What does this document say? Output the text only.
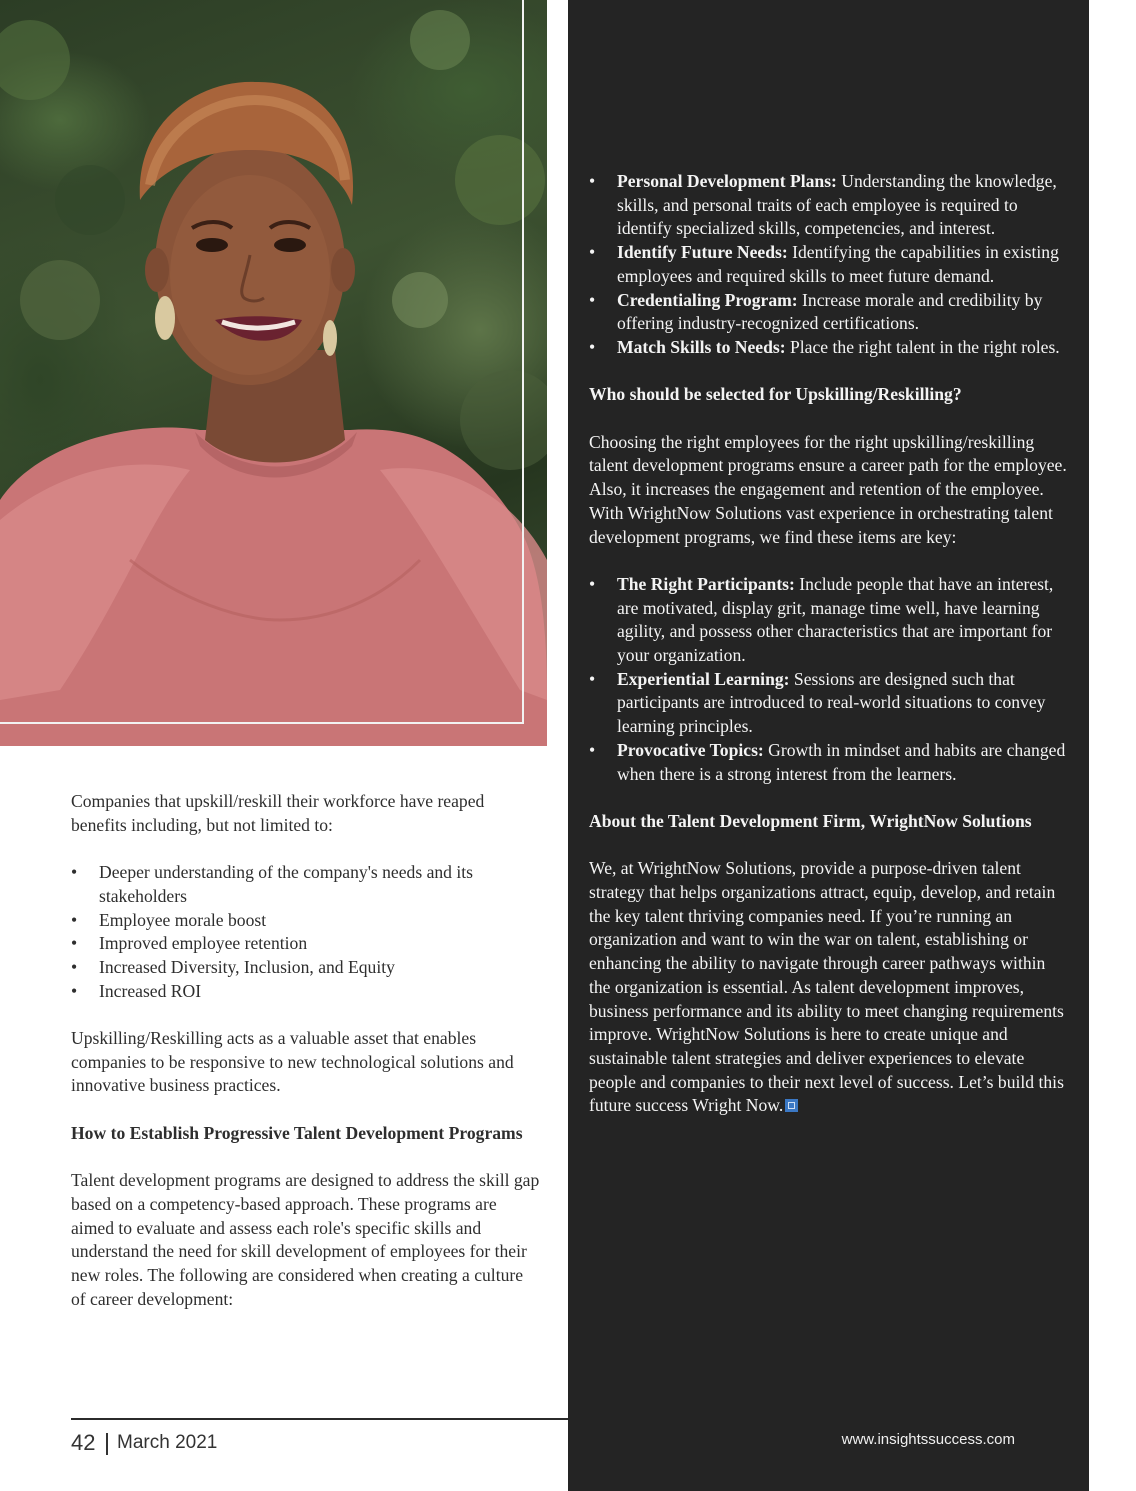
• Personal Development Plans: Understanding the knowledge, skills, and personal traits of each employee is required to identify specialized skills, competencies, and interest.
• Identify Future Needs: Identifying the capabilities in existing employees and required skills to meet future demand.
• Credentialing Program: Increase morale and credibility by offering industry-recognized certifications.
• Match Skills to Needs: Place the right talent in the right roles.

Who should be selected for Upskilling/Reskilling?

Choosing the right employees for the right upskilling/reskilling talent development programs ensure a career path for the employee. Also, it increases the engagement and retention of the employee. With WrightNow Solutions vast experience in orchestrating talent development programs, we find these items are key:

• The Right Participants: Include people that have an interest, are motivated, display grit, manage time well, have learning agility, and possess other characteristics that are important for your organization.
• Experiential Learning: Sessions are designed such that participants are introduced to real-world situations to convey learning principles.
• Provocative Topics: Growth in mindset and habits are changed when there is a strong interest from the learners.

About the Talent Development Firm, WrightNow Solutions

We, at WrightNow Solutions, provide a purpose-driven talent strategy that helps organizations attract, equip, develop, and retain the key talent thriving companies need. If you’re running an organization and want to win the war on talent, establishing or enhancing the ability to navigate through career pathways within the organization is essential. As talent development improves, business performance and its ability to meet changing requirements improve. WrightNow Solutions is here to create unique and sustainable talent strategies and deliver experiences to elevate people and companies to their next level of success. Let’s build this future success Wright Now.

www.insightssuccess.com

Companies that upskill/reskill their workforce have reaped benefits including, but not limited to:

• Deeper understanding of the company's needs and its stakeholders
• Employee morale boost
• Improved employee retention
• Increased Diversity, Inclusion, and Equity
• Increased ROI

Upskilling/Reskilling acts as a valuable asset that enables companies to be responsive to new technological solutions and innovative business practices.

How to Establish Progressive Talent Development Programs

Talent development programs are designed to address the skill gap based on a competency-based approach. These programs are aimed to evaluate and assess each role's specific skills and understand the need for skill development of employees for their new roles. The following are considered when creating a culture of career development:

42 March 2021
